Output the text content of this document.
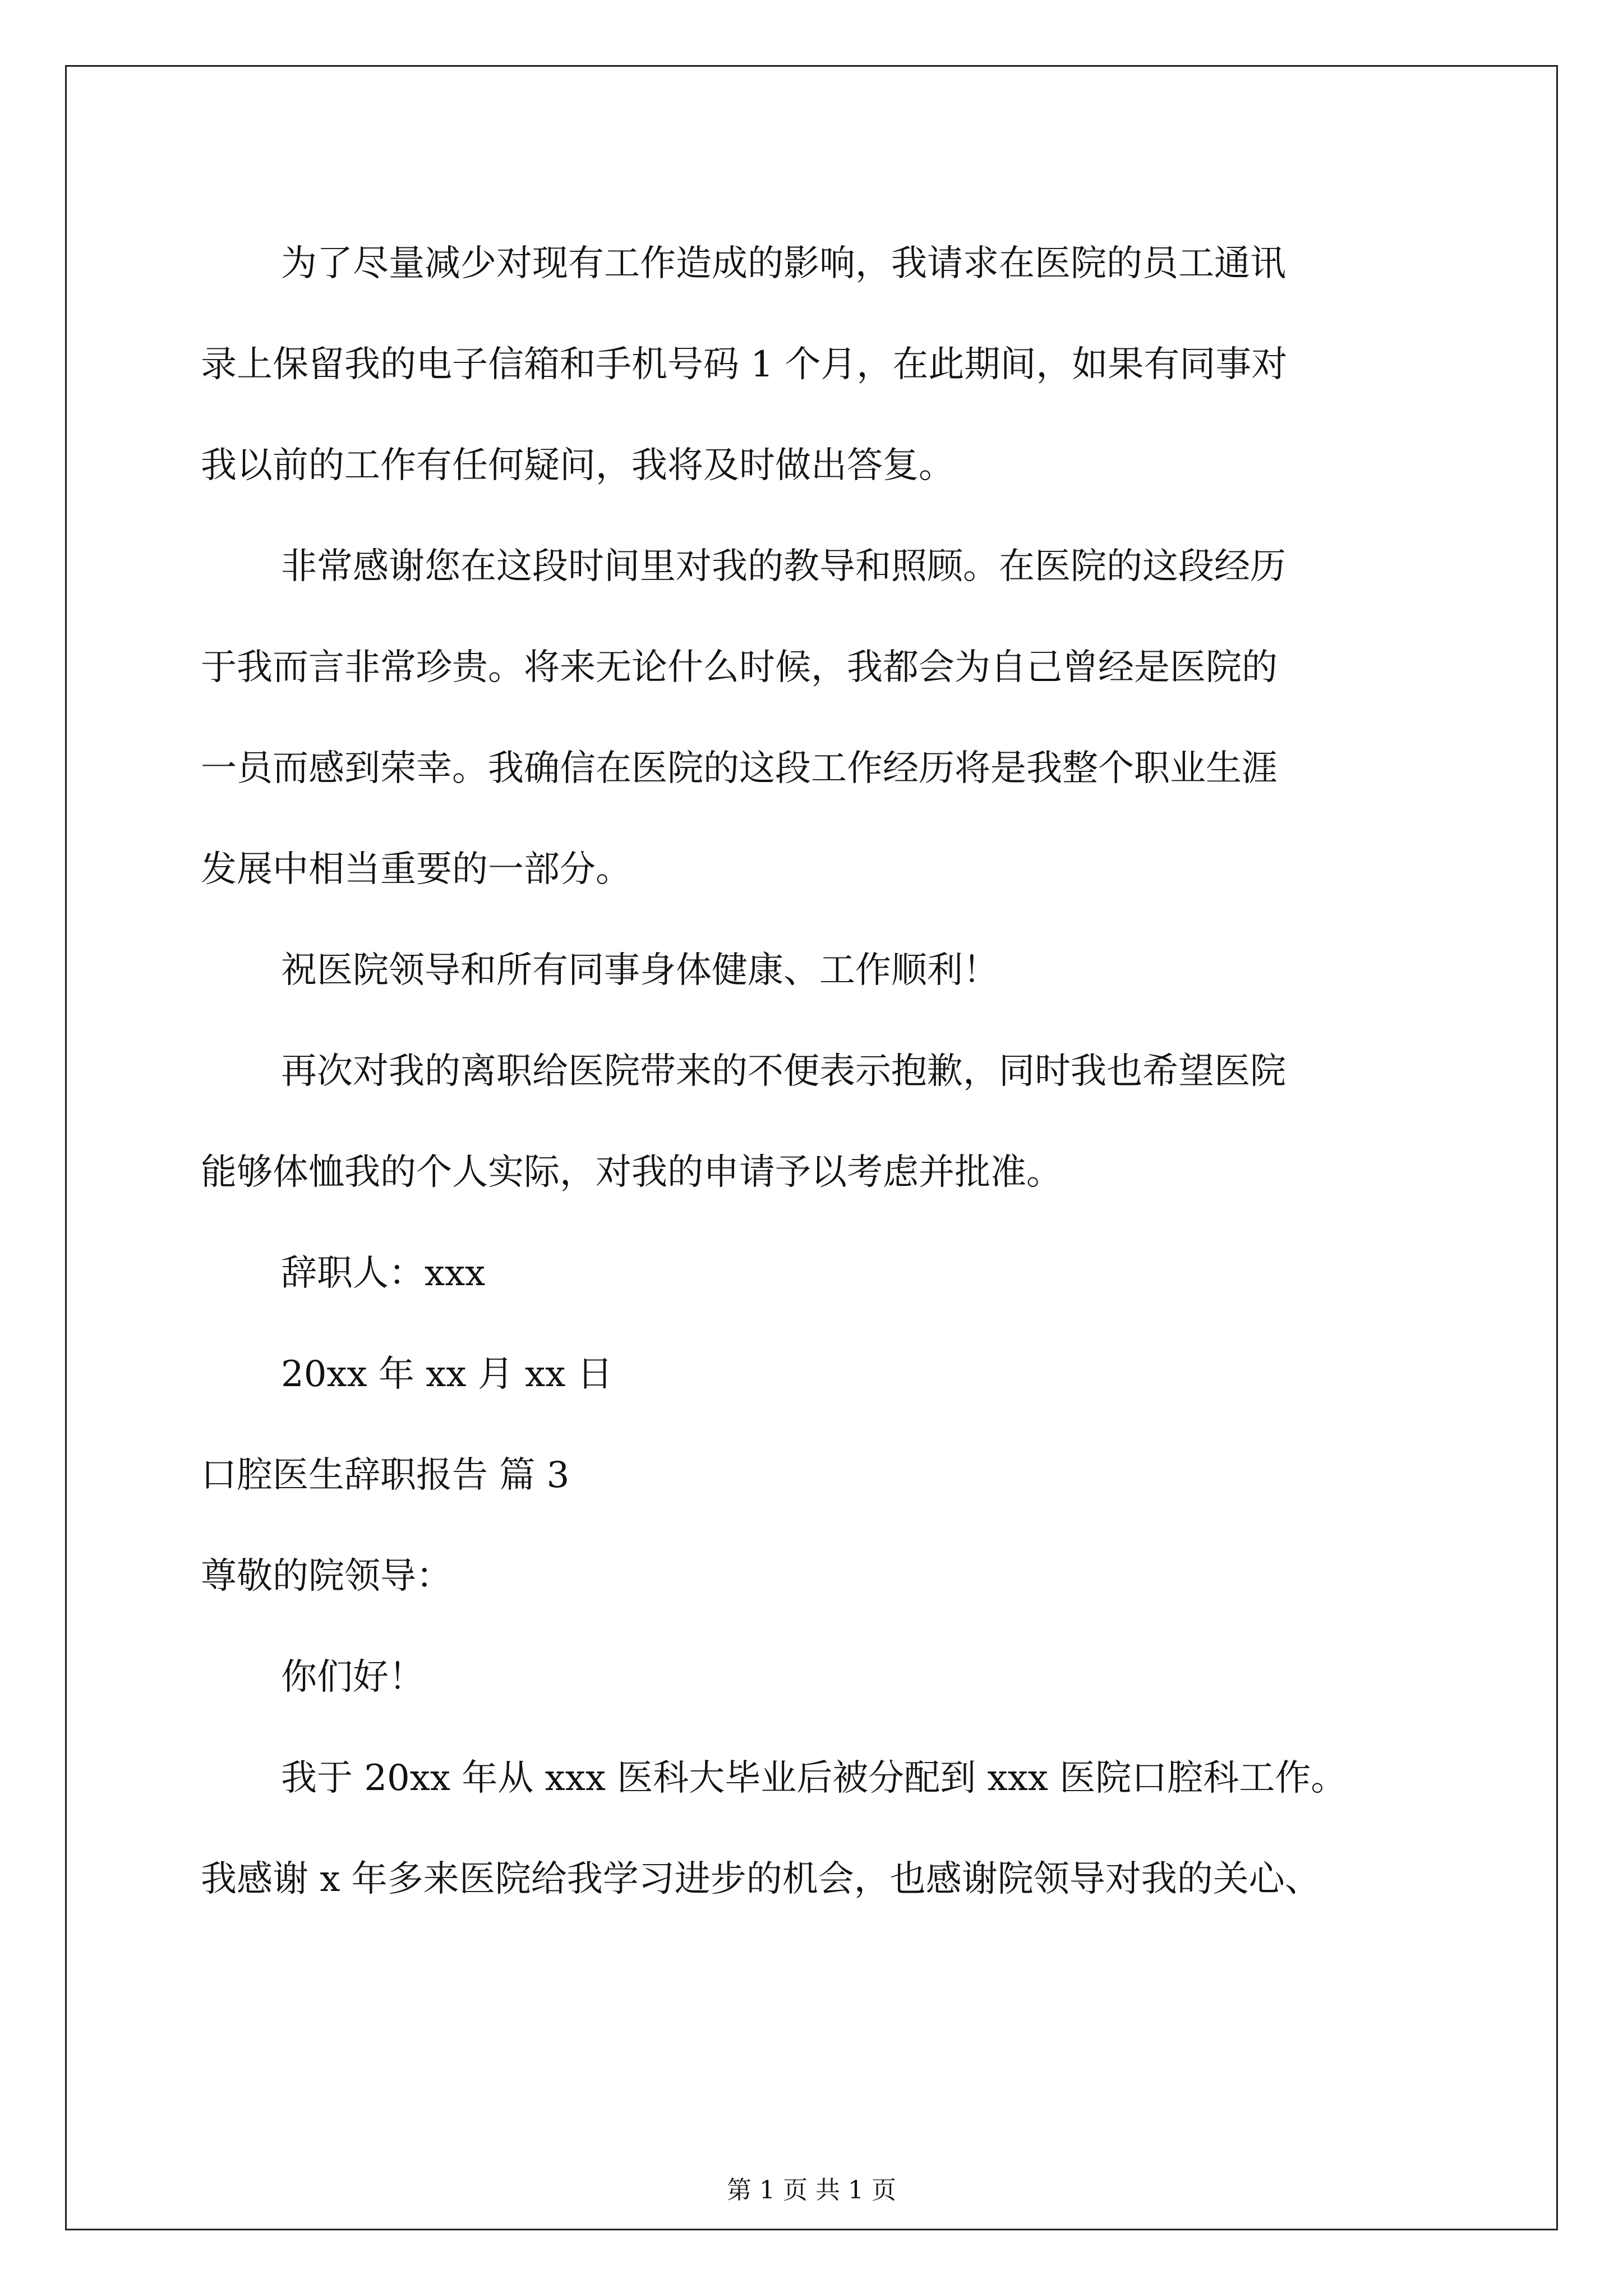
为了尽量减少对现有工作造成的影响，我请求在医院的员工通讯

录上保留我的电子信箱和手机号码 1 个月，在此期间，如果有同事对

我以前的工作有任何疑问，我将及时做出答复。

非常感谢您在这段时间里对我的教导和照顾。在医院的这段经历

于我而言非常珍贵。将来无论什么时候，我都会为自己曾经是医院的

一员而感到荣幸。我确信在医院的这段工作经历将是我整个职业生涯

发展中相当重要的一部分。

祝医院领导和所有同事身体健康、工作顺利！

再次对我的离职给医院带来的不便表示抱歉，同时我也希望医院

能够体恤我的个人实际，对我的申请予以考虑并批准。

辞职人：xxx

20xx 年 xx 月 xx 日

口腔医生辞职报告 篇 3

尊敬的院领导：

你们好！

我于 20xx 年从 xxx 医科大毕业后被分配到 xxx 医院口腔科工作。

我感谢 x 年多来医院给我学习进步的机会，也感谢院领导对我的关心、

第 1 页 共 1 页
